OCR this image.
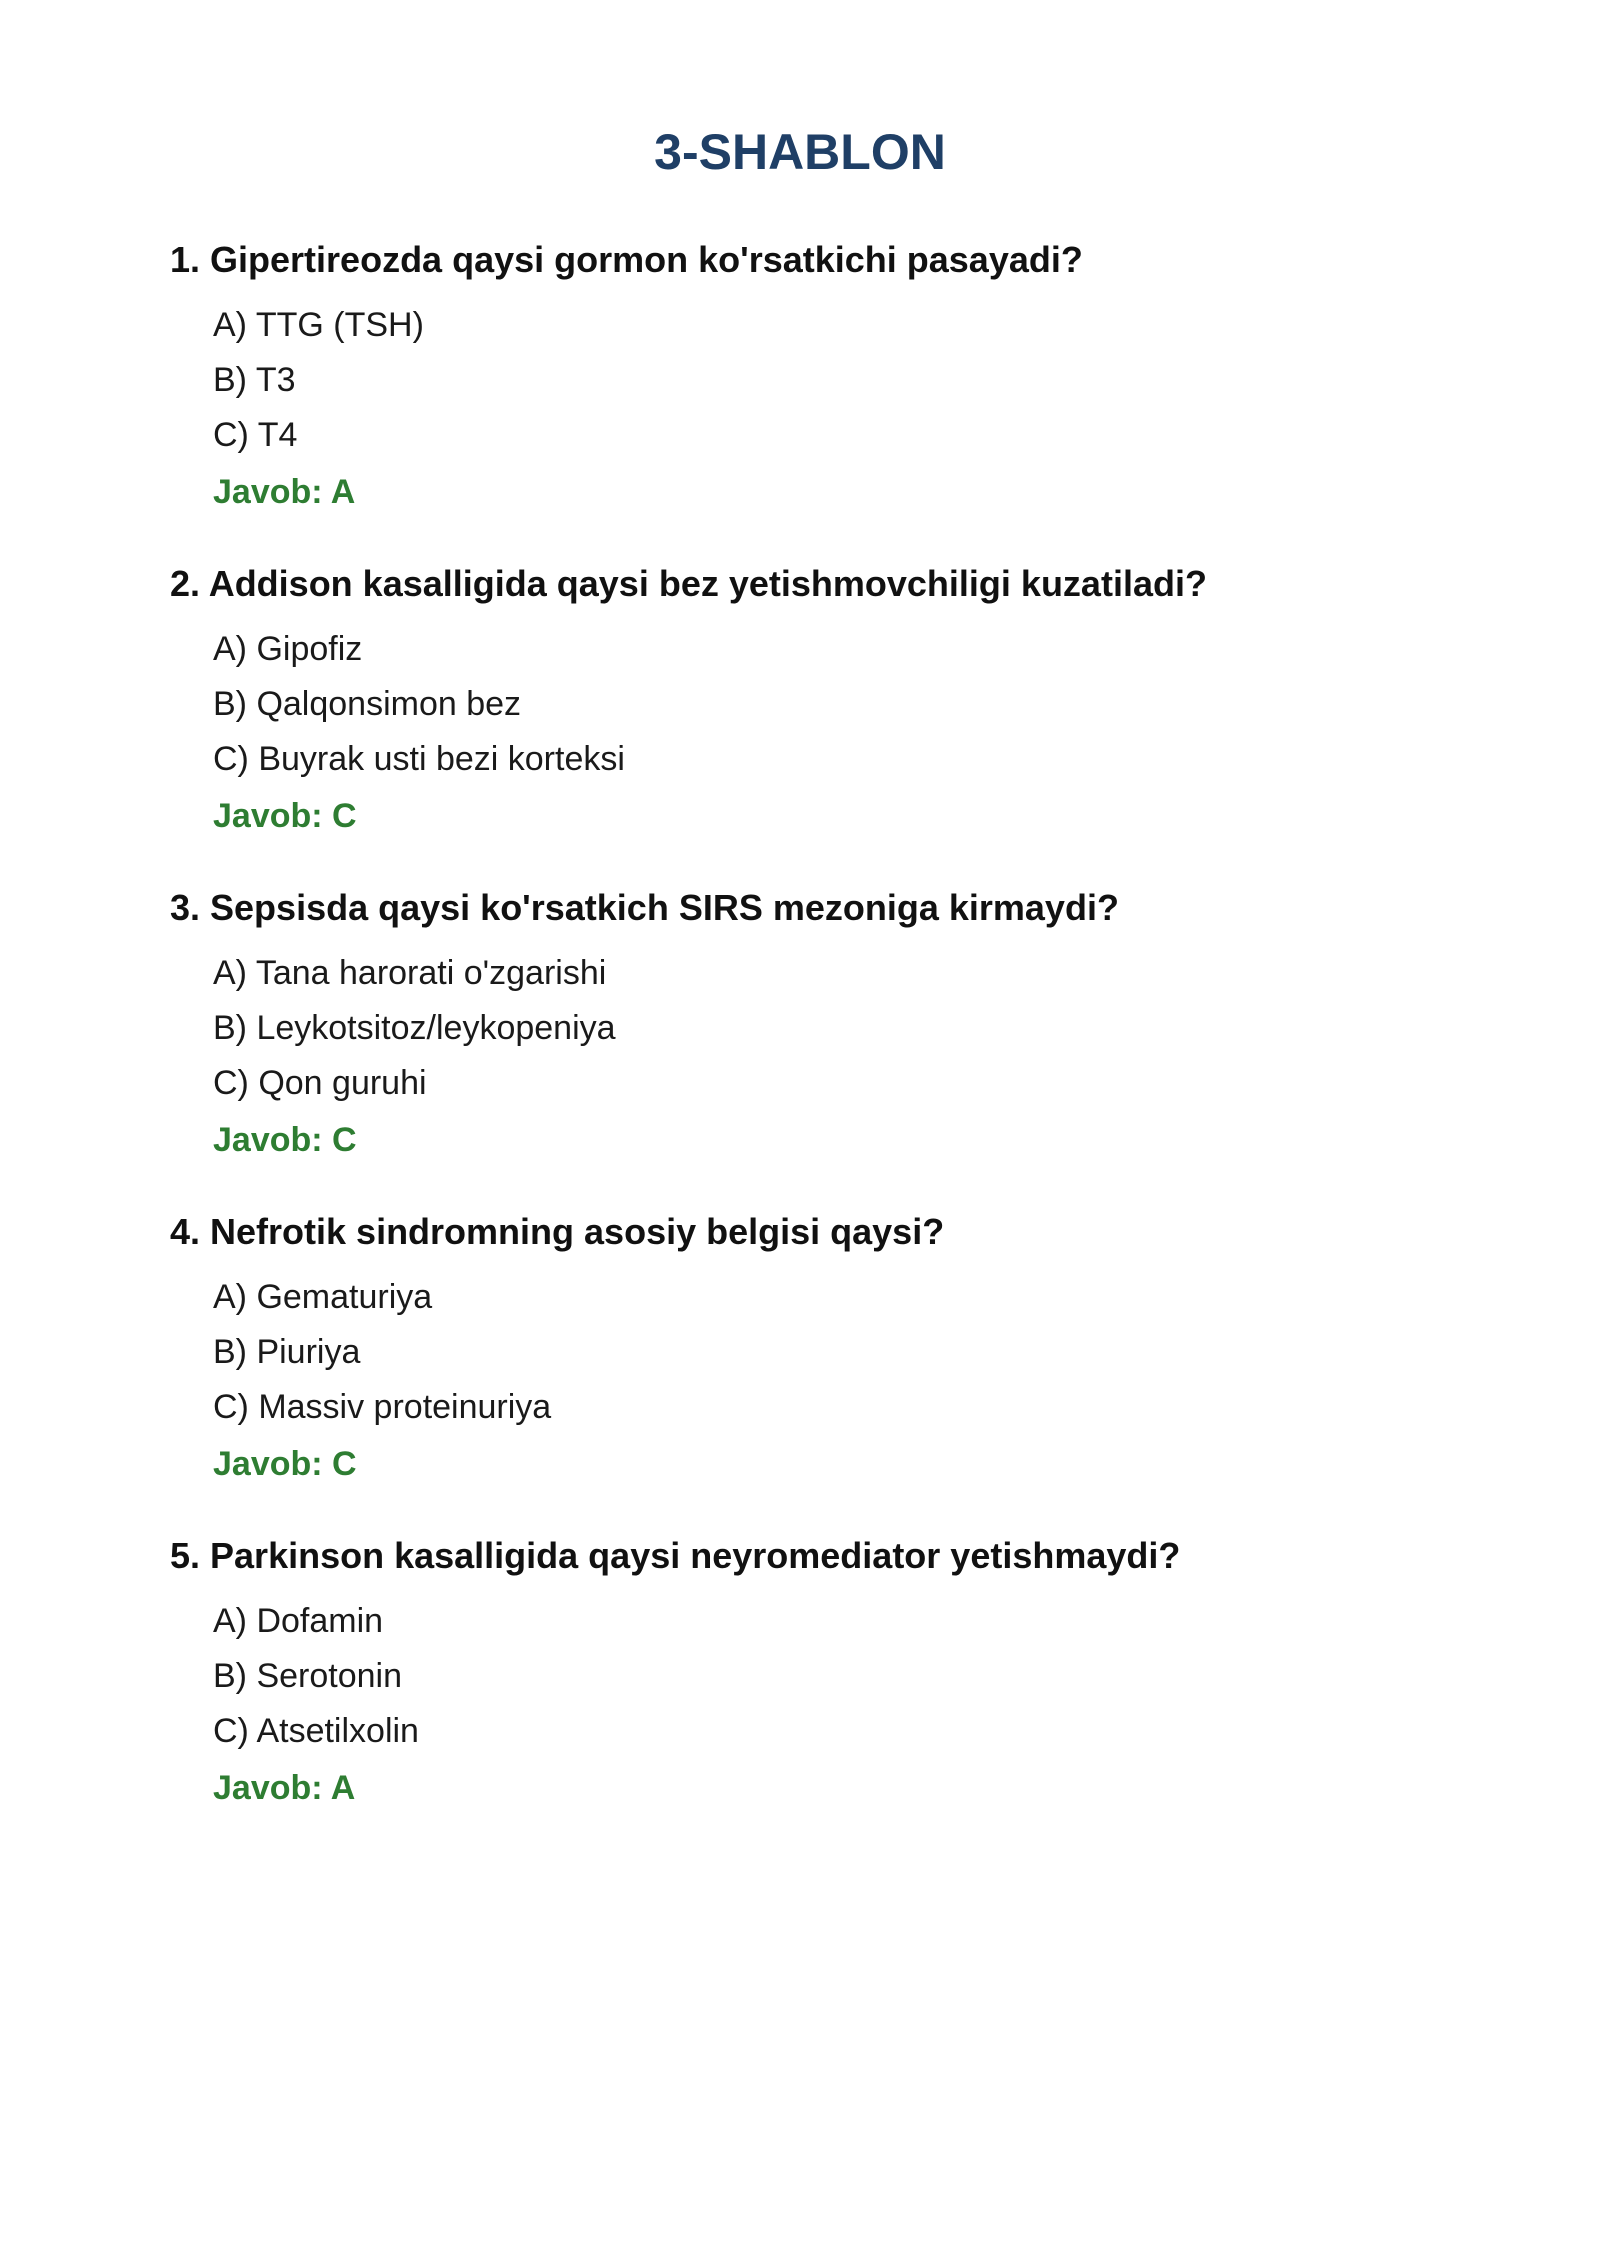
3-SHABLON
1. Gipertireozda qaysi gormon ko'rsatkichi pasayadi?
A) TTG (TSH)
B) T3
C) T4
Javob: A
2. Addison kasalligida qaysi bez yetishmovchiligi kuzatiladi?
A) Gipofiz
B) Qalqonsimon bez
C) Buyrak usti bezi korteksi
Javob: C
3. Sepsisda qaysi ko'rsatkich SIRS mezoniga kirmaydi?
A) Tana harorati o'zgarishi
B) Leykotsitoz/leykopeniya
C) Qon guruhi
Javob: C
4. Nefrotik sindromning asosiy belgisi qaysi?
A) Gematuriya
B) Piuriya
C) Massiv proteinuriya
Javob: C
5. Parkinson kasalligida qaysi neyromediator yetishmaydi?
A) Dofamin
B) Serotonin
C) Atsetilxolin
Javob: A
